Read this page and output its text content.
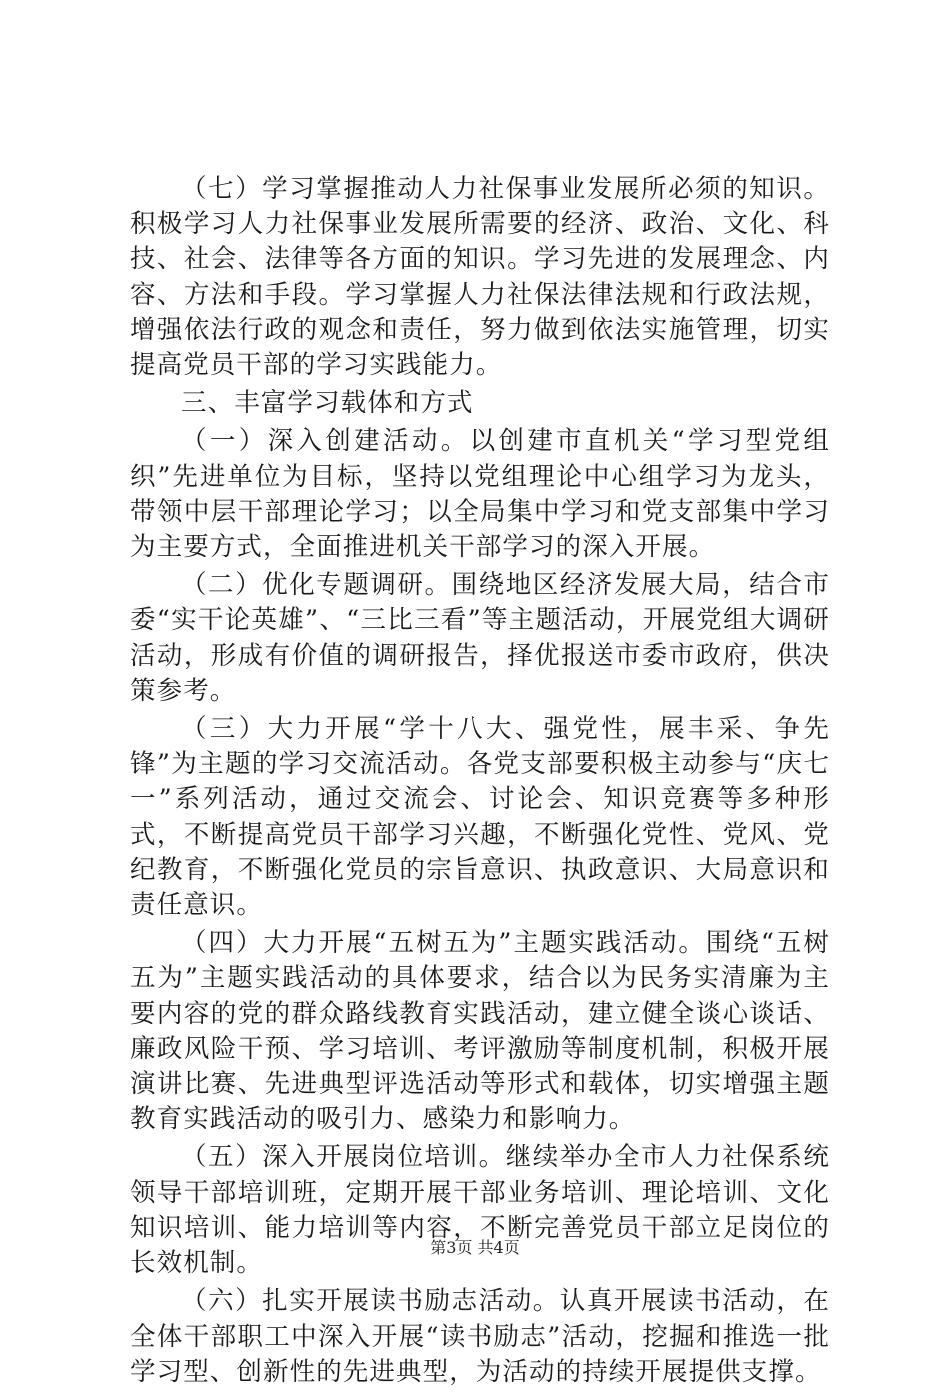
（七）学习掌握推动人力社保事业发展所必须的知识。积极学习人力社保事业发展所需要的经济、政治、文化、科技、社会、法律等各方面的知识。学习先进的发展理念、内容、方法和手段。学习掌握人力社保法律法规和行政法规，增强依法行政的观念和责任，努力做到依法实施管理，切实提高党员干部的学习实践能力。

三、丰富学习载体和方式

（一）深入创建活动。以创建市直机关“学习型党组织”先进单位为目标，坚持以党组理论中心组学习为龙头，带领中层干部理论学习；以全局集中学习和党支部集中学习为主要方式，全面推进机关干部学习的深入开展。

（二）优化专题调研。围绕地区经济发展大局，结合市委“实干论英雄”、“三比三看”等主题活动，开展党组大调研活动，形成有价值的调研报告，择优报送市委市政府，供决策参考。

（三）大力开展“学十八大、强党性，展丰采、争先锋”为主题的学习交流活动。各党支部要积极主动参与“庆七一”系列活动，通过交流会、讨论会、知识竞赛等多种形式，不断提高党员干部学习兴趣，不断强化党性、党风、党纪教育，不断强化党员的宗旨意识、执政意识、大局意识和责任意识。

（四）大力开展“五树五为”主题实践活动。围绕“五树五为”主题实践活动的具体要求，结合以为民务实清廉为主要内容的党的群众路线教育实践活动，建立健全谈心谈话、廉政风险干预、学习培训、考评激励等制度机制，积极开展演讲比赛、先进典型评选活动等形式和载体，切实增强主题教育实践活动的吸引力、感染力和影响力。

（五）深入开展岗位培训。继续举办全市人力社保系统领导干部培训班，定期开展干部业务培训、理论培训、文化知识培训、能力培训等内容，不断完善党员干部立足岗位的长效机制。

（六）扎实开展读书励志活动。认真开展读书活动，在全体干部职工中深入开展“读书励志”活动，挖掘和推选一批学习型、创新性的先进典型，为活动的持续开展提供支撑。

第3页 共4页
